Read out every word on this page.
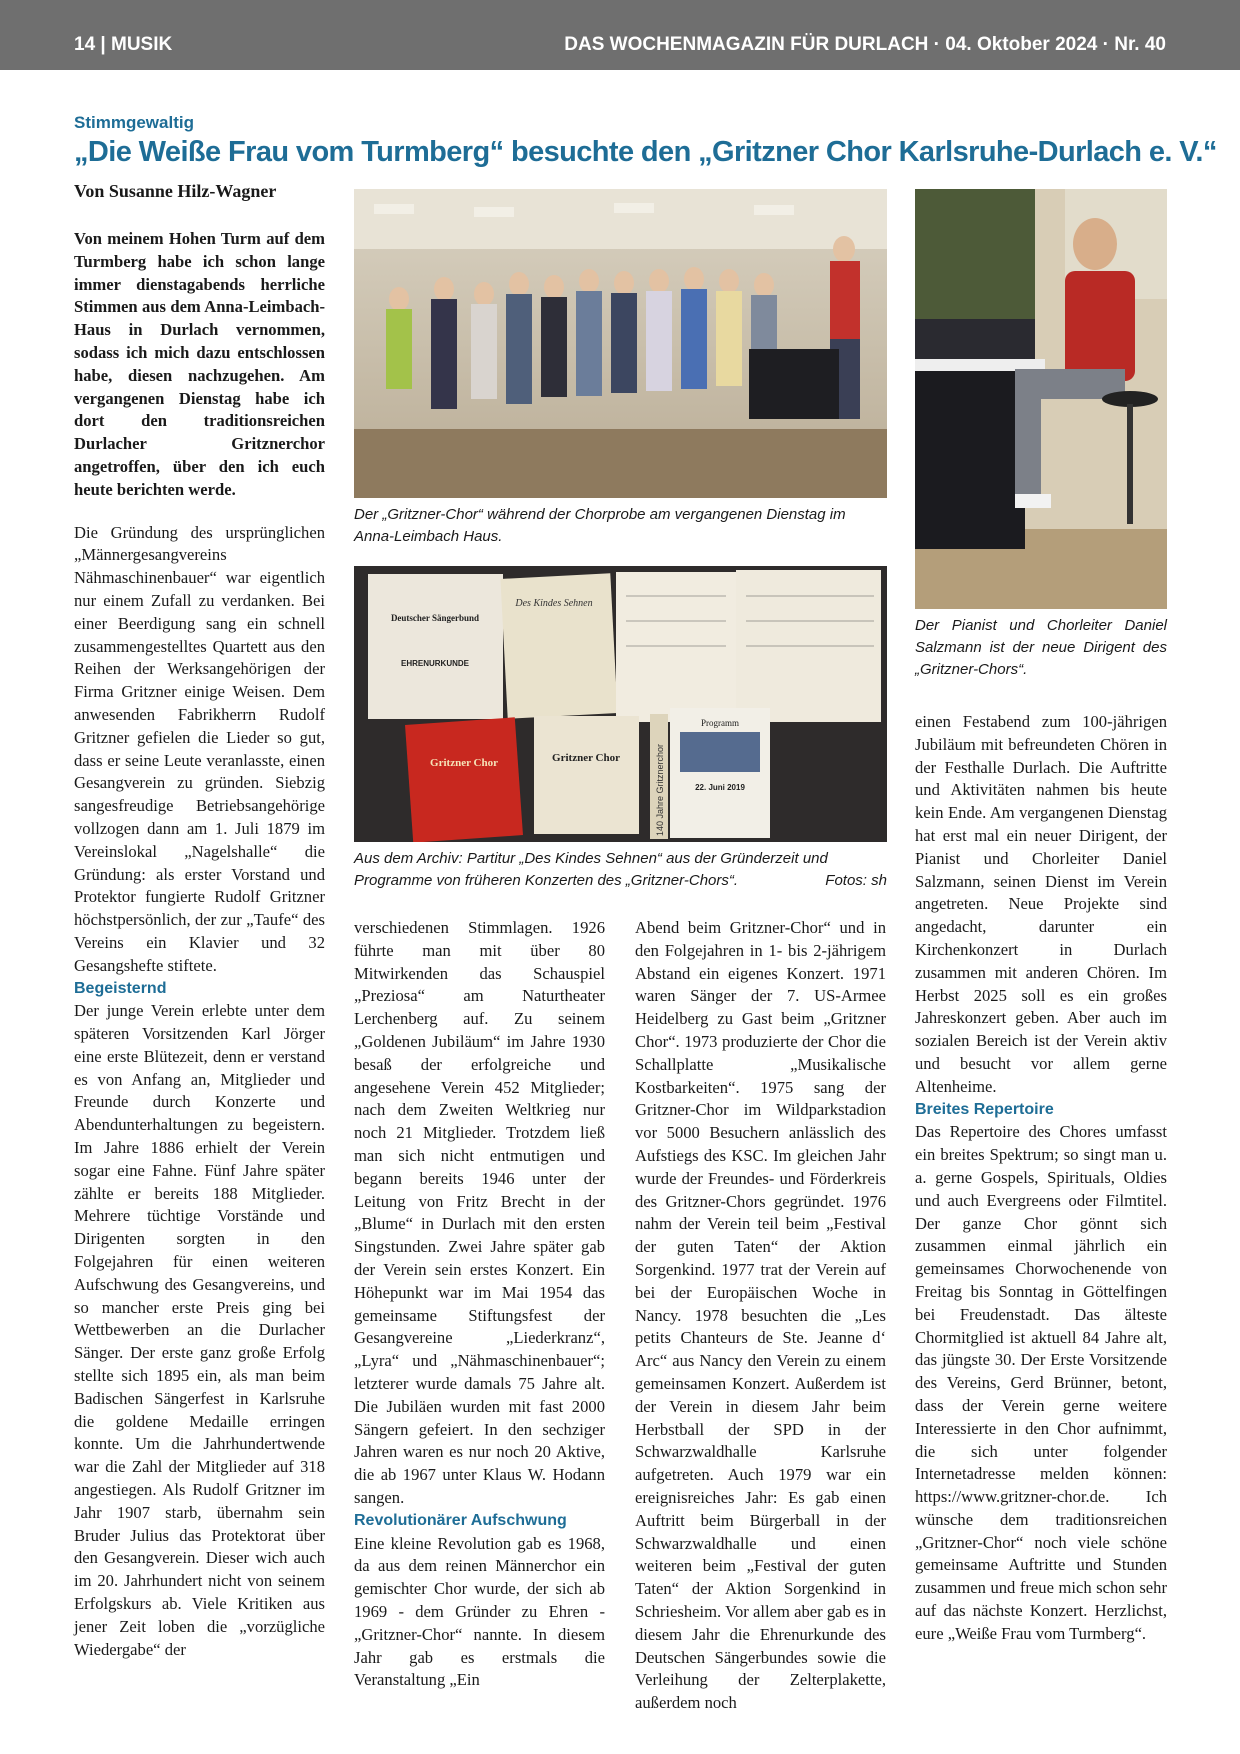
14 | MUSIK	DAS WOCHENMAGAZIN FÜR DURLACH · 04. Oktober 2024 · Nr. 40
Stimmgewaltig
„Die Weiße Frau vom Turmberg“ besuchte den „Gritzner Chor Karlsruhe-Durlach e. V.“
Von Susanne Hilz-Wagner
Der „Gritzner-Chor“ während der Chorprobe am vergangenen Dienstag im Anna-Leimbach Haus.
Der Pianist und Chorleiter Daniel Salzmann ist der neue Dirigent des „Gritzner-Chors“.
Deutscher Sängerbund
EHRENURKUNDE
Des Kindes Sehnen
Gritzner Chor	Gritzner Chor	140 Jahre Gritznerchor
Programm
22. Juni 2019
Aus dem Archiv: Partitur „Des Kindes Sehnen“ aus der Gründerzeit und Programme von früheren Konzerten des „Gritzner-Chors“.	Fotos: sh

Von meinem Hohen Turm auf dem Turmberg habe ich schon lange immer dienstagabends herrliche Stimmen aus dem Anna-Leimbach-Haus in Durlach vernommen, sodass ich mich dazu entschlossen habe, diesen nachzugehen. Am vergangenen Dienstag habe ich dort den traditionsreichen Durlacher Gritznerchor angetroffen, über den ich euch heute berichten werde.

Die Gründung des ursprünglichen „Männergesangvereins Nähmaschinenbauer“ war eigentlich nur einem Zufall zu verdanken. Bei einer Beerdigung sang ein schnell zusammengestelltes Quartett aus den Reihen der Werksangehörigen der Firma Gritzner einige Weisen. Dem anwesenden Fabrikherrn Rudolf Gritzner gefielen die Lieder so gut, dass er seine Leute veranlasste, einen Gesangverein zu gründen. Siebzig sangesfreudige Betriebsangehörige vollzogen dann am 1. Juli 1879 im Vereinslokal „Nagelshalle“ die Gründung: als erster Vorstand und Protektor fungierte Rudolf Gritzner höchstpersönlich, der zur „Taufe“ des Vereins ein Klavier und 32 Gesangshefte stiftete.

Begeisternd

Der junge Verein erlebte unter dem späteren Vorsitzenden Karl Jörger eine erste Blütezeit, denn er verstand es von Anfang an, Mitglieder und Freunde durch Konzerte und Abendunterhaltungen zu begeistern. Im Jahre 1886 erhielt der Verein sogar eine Fahne. Fünf Jahre später zählte er bereits 188 Mitglieder. Mehrere tüchtige Vorstände und Dirigenten sorgten in den Folgejahren für einen weiteren Aufschwung des Gesangvereins, und so mancher erste Preis ging bei Wettbewerben an die Durlacher Sänger. Der erste ganz große Erfolg stellte sich 1895 ein, als man beim Badischen Sängerfest in Karlsruhe die goldene Medaille erringen konnte. Um die Jahrhundertwende war die Zahl der Mitglieder auf 318 angestiegen. Als Rudolf Gritzner im Jahr 1907 starb, übernahm sein Bruder Julius das Protektorat über den Gesangverein. Dieser wich auch im 20. Jahrhundert nicht von seinem Erfolgskurs ab. Viele Kritiken aus jener Zeit loben die „vorzügliche Wiedergabe“ der

verschiedenen Stimmlagen. 1926 führte man mit über 80 Mitwirkenden das Schauspiel „Preziosa“ am Naturtheater Lerchenberg auf. Zu seinem „Goldenen Jubiläum“ im Jahre 1930 besaß der erfolgreiche und angesehene Verein 452 Mitglieder; nach dem Zweiten Weltkrieg nur noch 21 Mitglieder. Trotzdem ließ man sich nicht entmutigen und begann bereits 1946 unter der Leitung von Fritz Brecht in der „Blume“ in Durlach mit den ersten Singstunden. Zwei Jahre später gab der Verein sein erstes Konzert. Ein Höhepunkt war im Mai 1954 das gemeinsame Stiftungsfest der Gesangvereine „Liederkranz“, „Lyra“ und „Nähmaschinenbauer“; letzterer wurde damals 75 Jahre alt. Die Jubiläen wurden mit fast 2000 Sängern gefeiert. In den sechziger Jahren waren es nur noch 20 Aktive, die ab 1967 unter Klaus W. Hodann sangen.

Revolutionärer Aufschwung

Eine kleine Revolution gab es 1968, da aus dem reinen Männerchor ein gemischter Chor wurde, der sich ab 1969 - dem Gründer zu Ehren - „Gritzner-Chor“ nannte. In diesem Jahr gab es erstmals die Veranstaltung „Ein

Abend beim Gritzner-Chor“ und in den Folgejahren in 1- bis 2-jährigem Abstand ein eigenes Konzert. 1971 waren Sänger der 7. US-Armee Heidelberg zu Gast beim „Gritzner Chor“. 1973 produzierte der Chor die Schallplatte „Musikalische Kostbarkeiten“. 1975 sang der Gritzner-Chor im Wildparkstadion vor 5000 Besuchern anlässlich des Aufstiegs des KSC. Im gleichen Jahr wurde der Freundes- und Förderkreis des Gritzner-Chors gegründet. 1976 nahm der Verein teil beim „Festival der guten Taten“ der Aktion Sorgenkind. 1977 trat der Verein auf bei der Europäischen Woche in Nancy. 1978 besuchten die „Les petits Chanteurs de Ste. Jeanne d‘ Arc“ aus Nancy den Verein zu einem gemeinsamen Konzert. Außerdem ist der Verein in diesem Jahr beim Herbstball der SPD in der Schwarzwaldhalle Karlsruhe aufgetreten. Auch 1979 war ein ereignisreiches Jahr: Es gab einen Auftritt beim Bürgerball in der Schwarzwaldhalle und einen weiteren beim „Festival der guten Taten“ der Aktion Sorgenkind in Schriesheim. Vor allem aber gab es in diesem Jahr die Ehrenurkunde des Deutschen Sängerbundes sowie die Verleihung der Zelterplakette, außerdem noch

einen Festabend zum 100-jährigen Jubiläum mit befreundeten Chören in der Festhalle Durlach. Die Auftritte und Aktivitäten nahmen bis heute kein Ende. Am vergangenen Dienstag hat erst mal ein neuer Dirigent, der Pianist und Chorleiter Daniel Salzmann, seinen Dienst im Verein angetreten. Neue Projekte sind angedacht, darunter ein Kirchenkonzert in Durlach zusammen mit anderen Chören. Im Herbst 2025 soll es ein großes Jahreskonzert geben. Aber auch im sozialen Bereich ist der Verein aktiv und besucht vor allem gerne Altenheime.

Breites Repertoire

Das Repertoire des Chores umfasst ein breites Spektrum; so singt man u. a. gerne Gospels, Spirituals, Oldies und auch Evergreens oder Filmtitel. Der ganze Chor gönnt sich zusammen einmal jährlich ein gemeinsames Chorwochenende von Freitag bis Sonntag in Göttelfingen bei Freudenstadt. Das älteste Chormitglied ist aktuell 84 Jahre alt, das jüngste 30. Der Erste Vorsitzende des Vereins, Gerd Brünner, betont, dass der Verein gerne weitere Interessierte in den Chor aufnimmt, die sich unter folgender Internetadresse melden können: https://www.gritzner-chor.de. Ich wünsche dem traditionsreichen „Gritzner-Chor“ noch viele schöne gemeinsame Auftritte und Stunden zusammen und freue mich schon sehr auf das nächste Konzert. Herzlichst, eure „Weiße Frau vom Turmberg“.
